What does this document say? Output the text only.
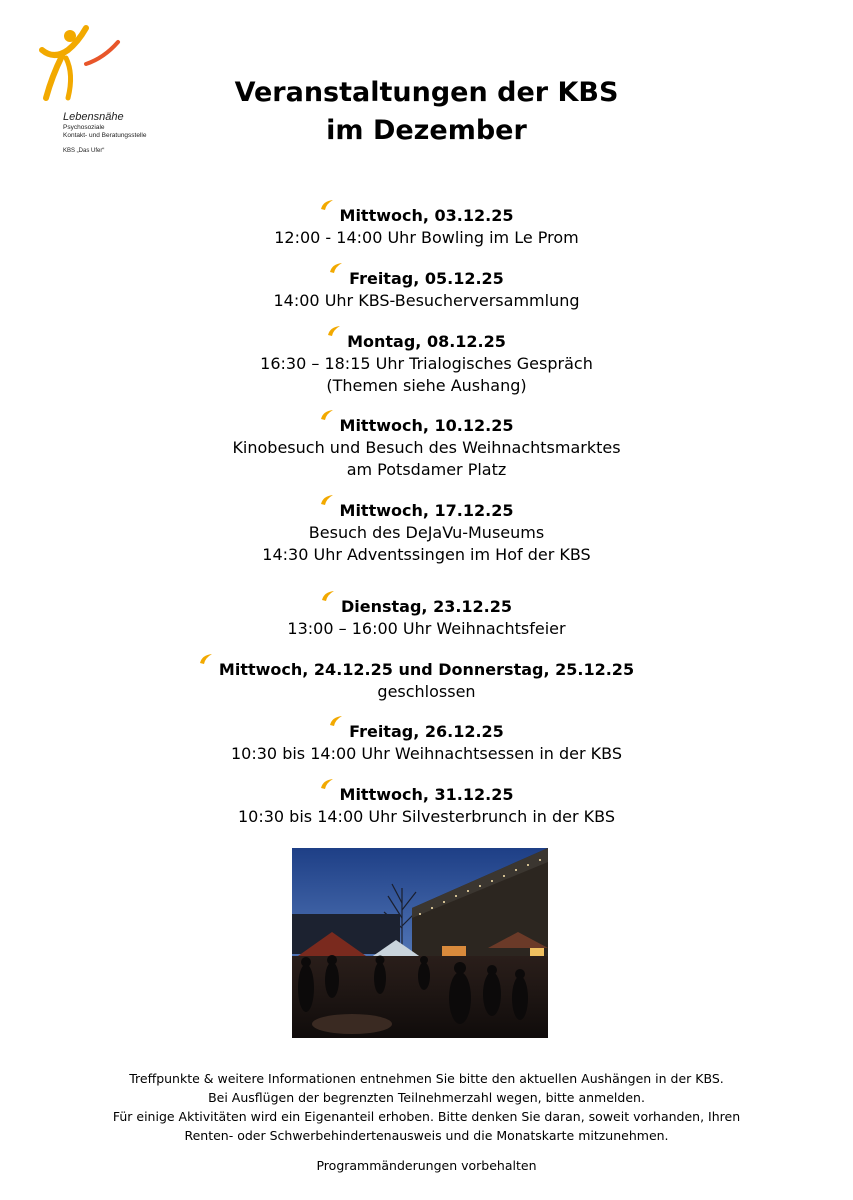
Lebensnähe
Psychosoziale
Kontakt- und Beratungsstelle
KBS „Das Ufer“
Veranstaltungen der KBS
im Dezember
Mittwoch, 03.12.25
12:00 - 14:00 Uhr Bowling im Le Prom
Freitag, 05.12.25
14:00 Uhr KBS-Besucherversammlung
Montag, 08.12.25
16:30 – 18:15 Uhr Trialogisches Gespräch
(Themen siehe Aushang)
Mittwoch, 10.12.25
Kinobesuch und Besuch des Weihnachtsmarktes
am Potsdamer Platz
Mittwoch, 17.12.25
Besuch des DeJaVu-Museums
14:30 Uhr Adventssingen im Hof der KBS
Dienstag, 23.12.25
13:00 – 16:00 Uhr Weihnachtsfeier
Mittwoch, 24.12.25 und Donnerstag, 25.12.25
geschlossen
Freitag, 26.12.25
10:30 bis 14:00 Uhr Weihnachtsessen in der KBS
Mittwoch, 31.12.25
10:30 bis 14:00 Uhr Silvesterbrunch in der KBS
Treffpunkte & weitere Informationen entnehmen Sie bitte den aktuellen Aushängen in der KBS.
Bei Ausflügen der begrenzten Teilnehmerzahl wegen, bitte anmelden.
Für einige Aktivitäten wird ein Eigenanteil erhoben. Bitte denken Sie daran, soweit vorhanden, Ihren
Renten- oder Schwerbehindertenausweis und die Monatskarte mitzunehmen.
Programmänderungen vorbehalten
